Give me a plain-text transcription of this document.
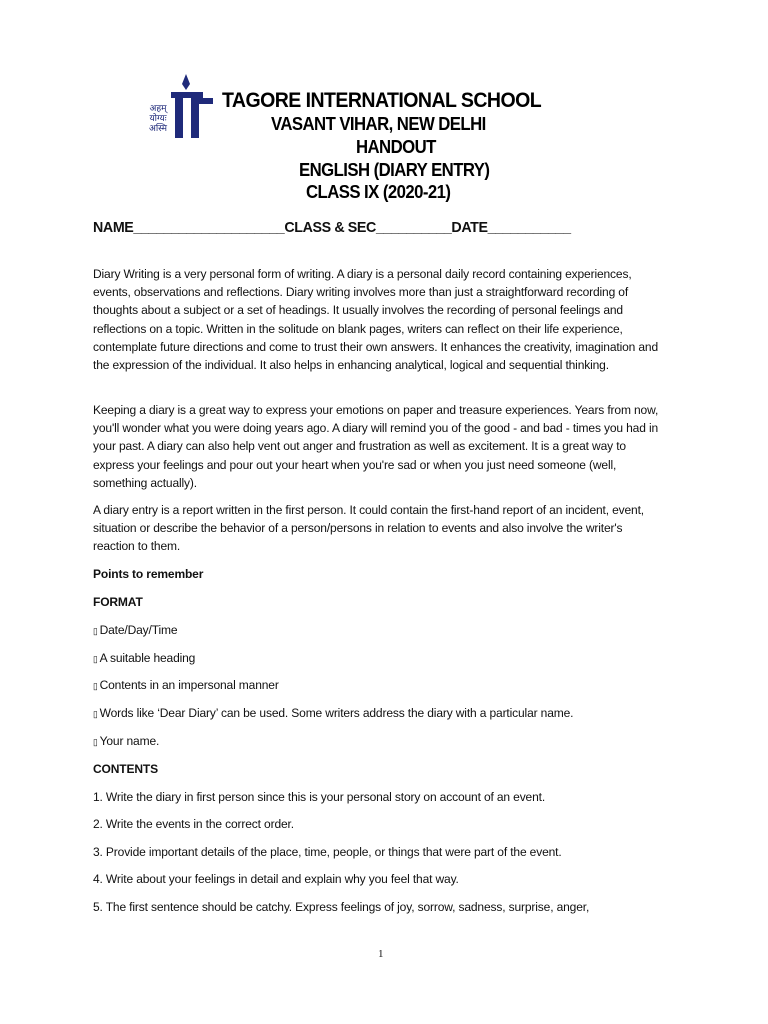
अहम्
योग्यः
अस्मि
TAGORE INTERNATIONAL SCHOOL
VASANT VIHAR, NEW DELHI
HANDOUT
ENGLISH (DIARY ENTRY)
CLASS IX (2020-21)
NAME____________________CLASS & SEC__________DATE___________
Diary Writing is a very personal form of writing. A diary is a personal daily record containing experiences, events, observations and reflections. Diary writing involves more than just a straightforward recording of thoughts about a subject or a set of headings. It usually involves the recording of personal feelings and reflections on a topic. Written in the solitude on blank pages, writers can reflect on their life experience, contemplate future directions and come to trust their own answers. It enhances the creativity, imagination and the expression of the individual. It also helps in enhancing analytical, logical and sequential thinking.
Keeping a diary is a great way to express your emotions on paper and treasure experiences. Years from now, you'll wonder what you were doing years ago. A diary will remind you of the good - and bad - times you had in your past. A diary can also help vent out anger and frustration as well as excitement. It is a great way to express your feelings and pour out your heart when you're sad or when you just need someone (well, something actually).
A diary entry is a report written in the first person. It could contain the first-hand report of an incident, event, situation or describe the behavior of a person/persons in relation to events and also involve the writer's reaction to them.
Points to remember
FORMAT
▯ Date/Day/Time
▯ A suitable heading
▯ Contents in an impersonal manner
▯ Words like ‘Dear Diary’ can be used. Some writers address the diary with a particular name.
▯ Your name.
CONTENTS
1. Write the diary in first person since this is your personal story on account of an event.
2. Write the events in the correct order.
3. Provide important details of the place, time, people, or things that were part of the event.
4. Write about your feelings in detail and explain why you feel that way.
5. The first sentence should be catchy. Express feelings of joy, sorrow, sadness, surprise, anger,
1
